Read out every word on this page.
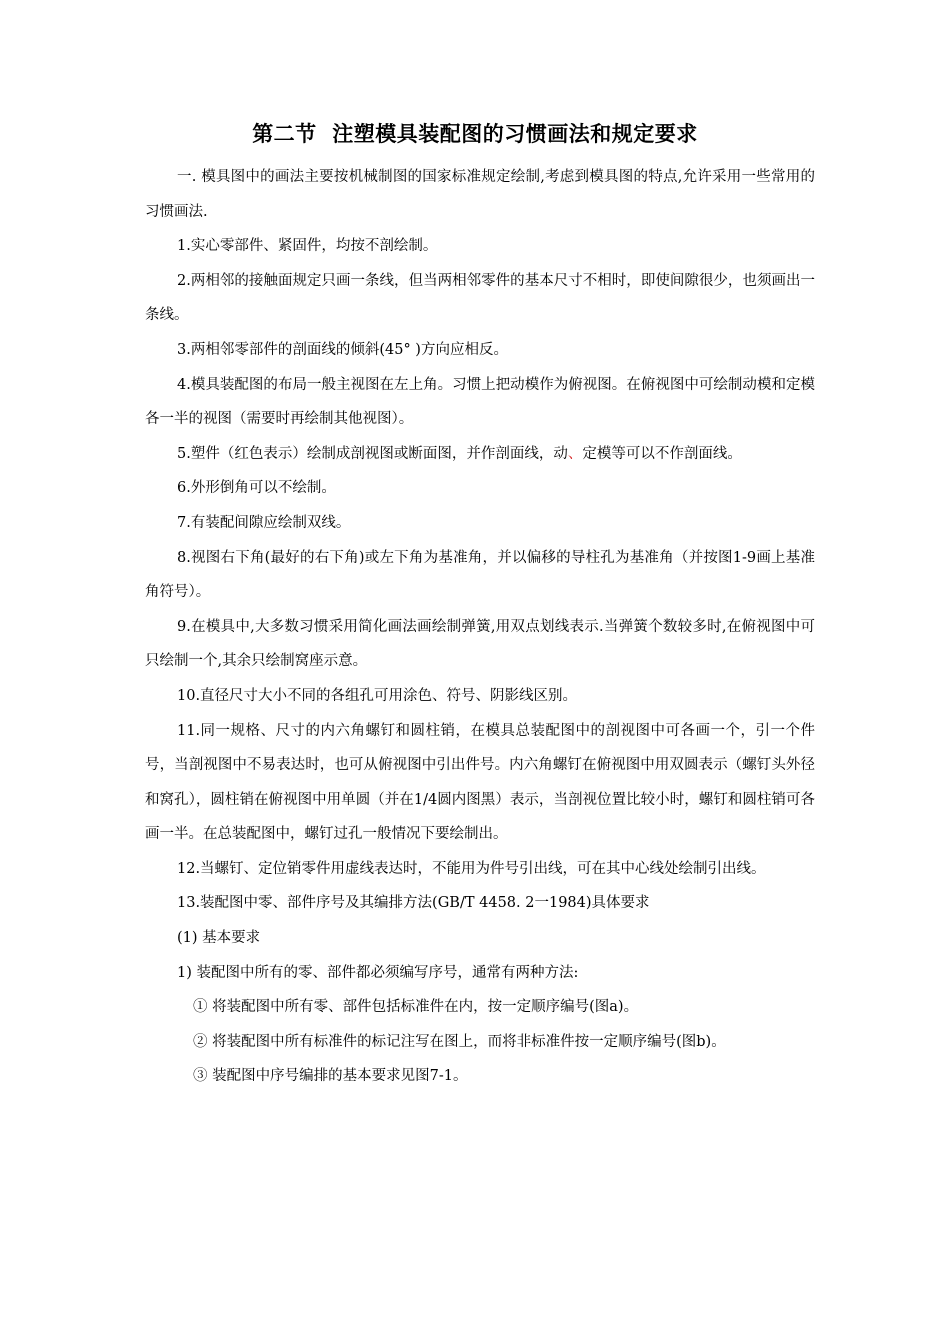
第二节  注塑模具装配图的习惯画法和规定要求

一. 模具图中的画法主要按机械制图的国家标准规定绘制,考虑到模具图的特点,允许采用一些常用的习惯画法.

1.实心零部件、紧固件，均按不剖绘制。

2.两相邻的接触面规定只画一条线，但当两相邻零件的基本尺寸不相时，即使间隙很少，也须画出一条线。

3.两相邻零部件的剖面线的倾斜(45° )方向应相反。

4.模具装配图的布局一般主视图在左上角。习惯上把动模作为俯视图。在俯视图中可绘制动模和定模各一半的视图（需要时再绘制其他视图）。

5.塑件（红色表示）绘制成剖视图或断面图，并作剖面线，动、定模等可以不作剖面线。

6.外形倒角可以不绘制。

7.有装配间隙应绘制双线。

8.视图右下角(最好的右下角)或左下角为基准角，并以偏移的导柱孔为基准角（并按图1-9画上基准角符号）。

9.在模具中,大多数习惯采用简化画法画绘制弹簧,用双点划线表示.当弹簧个数较多时,在俯视图中可只绘制一个,其余只绘制窝座示意。

10.直径尺寸大小不同的各组孔可用涂色、符号、阴影线区别。

11.同一规格、尺寸的内六角螺钉和圆柱销，在模具总装配图中的剖视图中可各画一个，引一个件号，当剖视图中不易表达时，也可从俯视图中引出件号。内六角螺钉在俯视图中用双圆表示（螺钉头外径和窝孔），圆柱销在俯视图中用单圆（并在1/4圆内图黑）表示，当剖视位置比较小时，螺钉和圆柱销可各画一半。在总装配图中，螺钉过孔一般情况下要绘制出。

12.当螺钉、定位销零件用虚线表达时，不能用为件号引出线，可在其中心线处绘制引出线。

13.装配图中零、部件序号及其编排方法(GB/T 4458. 2一1984)具体要求

(1) 基本要求

1) 装配图中所有的零、部件都必须编写序号，通常有两种方法:

① 将装配图中所有零、部件包括标准件在内，按一定顺序编号(图a)。

② 将装配图中所有标准件的标记注写在图上，而将非标准件按一定顺序编号(图b)。

③ 装配图中序号编排的基本要求见图7-1。
